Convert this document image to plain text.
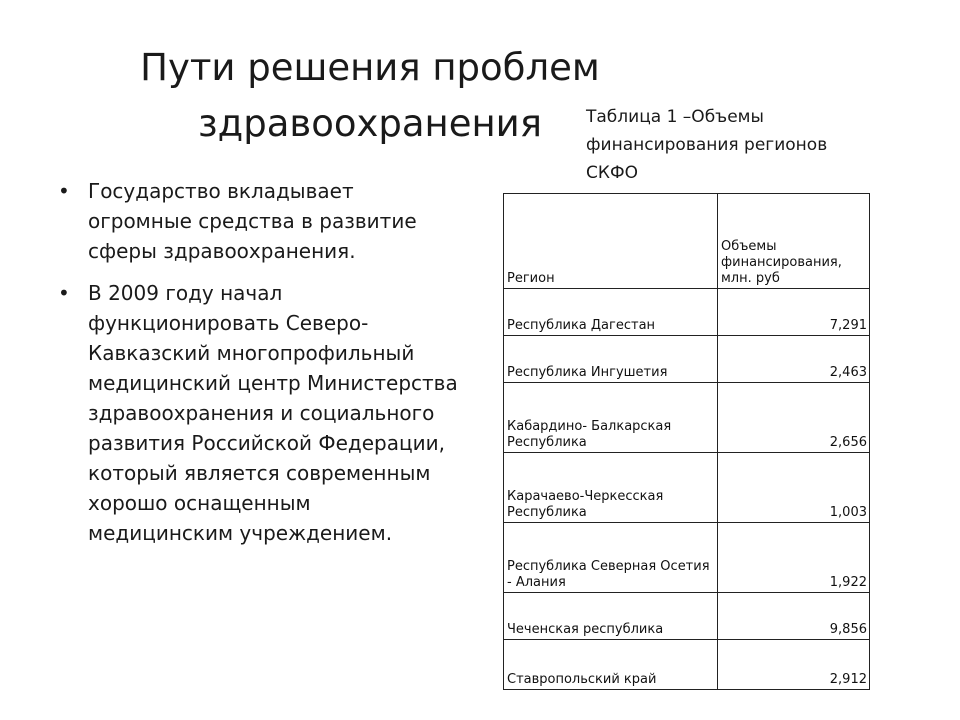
Пути решения проблем
здравоохранения
• Государство вкладывает огромные средства в развитие сферы здравоохранения.
• В 2009 году начал функционировать Северо-Кавказский многопрофильный медицинский центр Министерства здравоохранения и социального развития Российской Федерации, который является современным хорошо оснащенным медицинским учреждением.
Таблица 1 –Объемы финансирования регионов СКФО
Регион	Объемы финансирования, млн. руб
Республика Дагестан	7,291
Республика Ингушетия	2,463
Кабардино- Балкарская Республика	2,656
Карачаево-Черкесская Республика	1,003
Республика Северная Осетия - Алания	1,922
Чеченская республика	9,856
Ставропольский край	2,912
